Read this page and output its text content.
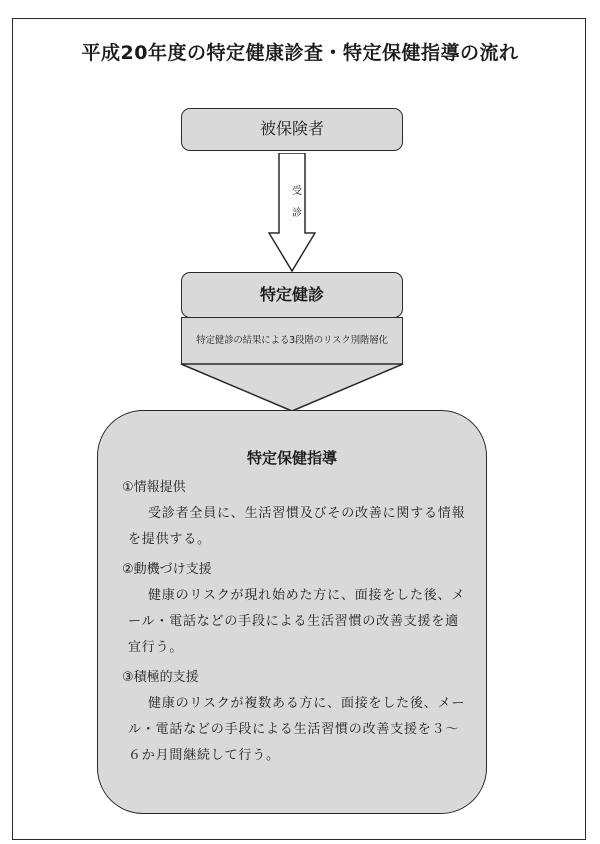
平成20年度の特定健康診査・特定保健指導の流れ
被保険者
受
診
特定健診
特定健診の結果による3段階のリスク別階層化
特定保健指導
①情報提供
受診者全員に、生活習慣及びその改善に関する情報を提供する。
②動機づけ支援
健康のリスクが現れ始めた方に、面接をした後、メール・電話などの手段による生活習慣の改善支援を適宜行う。
③積極的支援
健康のリスクが複数ある方に、面接をした後、メール・電話などの手段による生活習慣の改善支援を３～６か月間継続して行う。
